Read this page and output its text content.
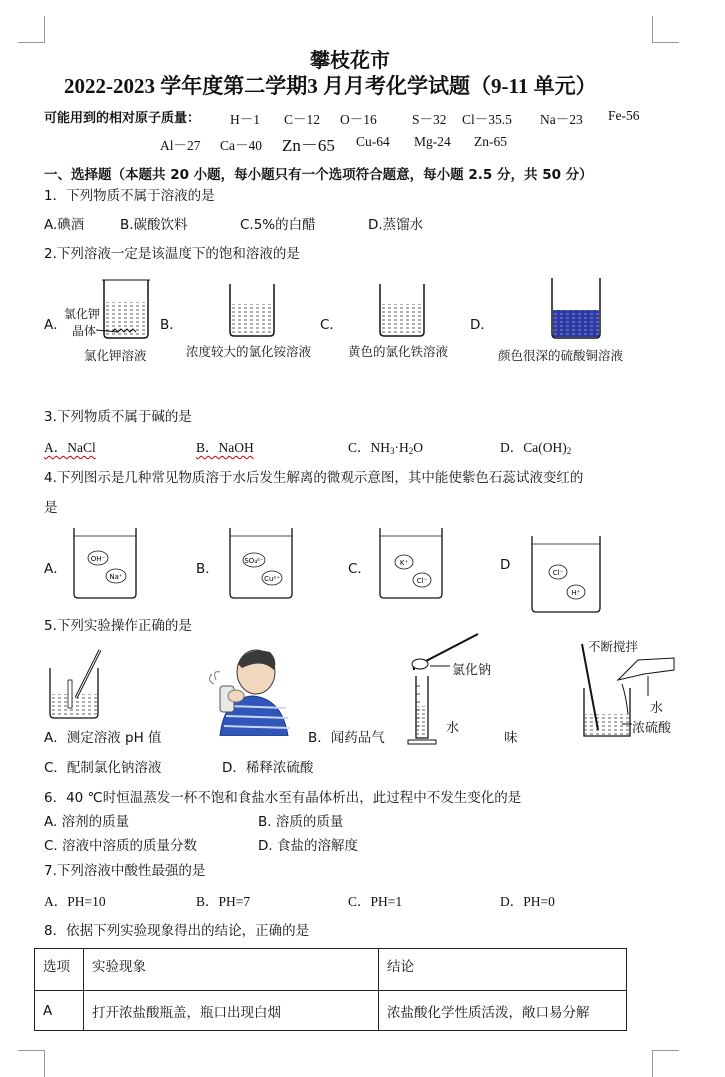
攀枝花市
2022-2023 学年度第二学期3 月月考化学试题（9-11 单元）
可能用到的相对原子质量： H－1 C－12 O－16	S－32 Cl－35.5 Na－23 Fe-56
Al－27 Ca－40 Zn－65 Cu-64 Mg-24 Zn-65
一、选择题（本题共 20 小题，每小题只有一个选项符合题意，每小题 2.5 分，共 50 分）
1．下列物质不属于溶液的是
A.碘酒	B.碳酸饮料	C.5%的白醋	D.蒸馏水
2.下列溶液一定是该温度下的饱和溶液的是
A．	B．	C．	D．
氯化钾
晶体
氯化钾溶液	浓度较大的氯化铵溶液	黄色的氯化铁溶液	颜色很深的硫酸铜溶液
3.下列物质不属于碱的是
A．NaCl	B．NaOH	C．$NH_3\cdot H_2O$	D．$Ca(OH)_2$
4.下列图示是几种常见物质溶于水后发生解离的微观示意图，其中能使紫色石蕊试液变红的
是
A．	B．	C．	D
OH⁻
Na⁺
SO₄²⁻
Cu²⁺
K⁺
Cl⁻
Cl⁻
H⁺
5.下列实验操作正确的是
氯化钠
水
不断搅拌
水
浓硫酸
A．测定溶液 pH 值	B．闻药品气	味
C．配制氯化钠溶液	D．稀释浓硫酸
6．40 ℃时恒温蒸发一杯不饱和食盐水至有晶体析出，此过程中不发生变化的是
A. 溶剂的质量	B. 溶质的质量
C. 溶液中溶质的质量分数	D. 食盐的溶解度
7.下列溶液中酸性最强的是
A．PH=10	B．PH=7	C．PH=1	D．PH=0
8．依据下列实验现象得出的结论，正确的是
选项	实验现象	结论
A	打开浓盐酸瓶盖，瓶口出现白烟	浓盐酸化学性质活泼，敞口易分解
